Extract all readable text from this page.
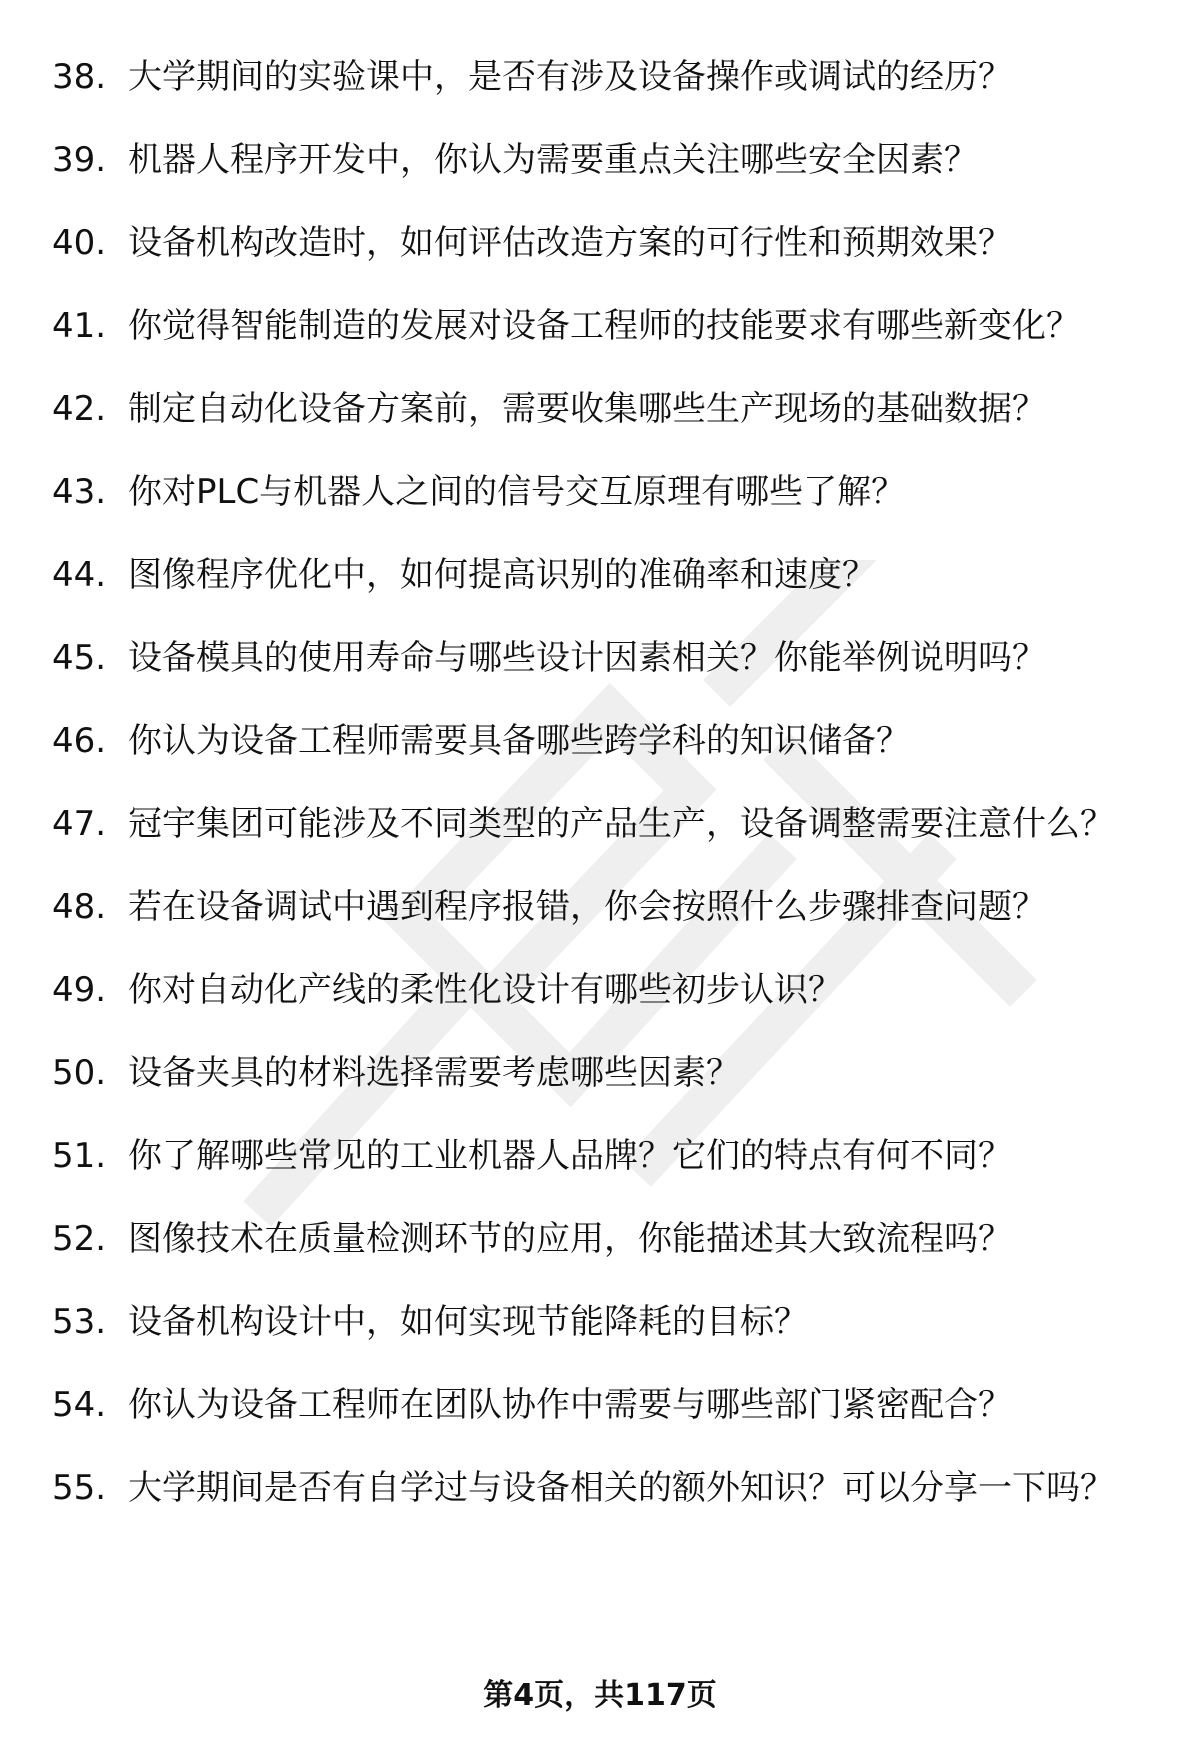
38. 大学期间的实验课中，是否有涉及设备操作或调试的经历？
39. 机器人程序开发中，你认为需要重点关注哪些安全因素？
40. 设备机构改造时，如何评估改造方案的可行性和预期效果？
41. 你觉得智能制造的发展对设备工程师的技能要求有哪些新变化？
42. 制定自动化设备方案前，需要收集哪些生产现场的基础数据？
43. 你对PLC与机器人之间的信号交互原理有哪些了解？
44. 图像程序优化中，如何提高识别的准确率和速度？
45. 设备模具的使用寿命与哪些设计因素相关？你能举例说明吗？
46. 你认为设备工程师需要具备哪些跨学科的知识储备？
47. 冠宇集团可能涉及不同类型的产品生产，设备调整需要注意什么？
48. 若在设备调试中遇到程序报错，你会按照什么步骤排查问题？
49. 你对自动化产线的柔性化设计有哪些初步认识？
50. 设备夹具的材料选择需要考虑哪些因素？
51. 你了解哪些常见的工业机器人品牌？它们的特点有何不同？
52. 图像技术在质量检测环节的应用，你能描述其大致流程吗？
53. 设备机构设计中，如何实现节能降耗的目标？
54. 你认为设备工程师在团队协作中需要与哪些部门紧密配合？
55. 大学期间是否有自学过与设备相关的额外知识？可以分享一下吗？
第4页，共117页
